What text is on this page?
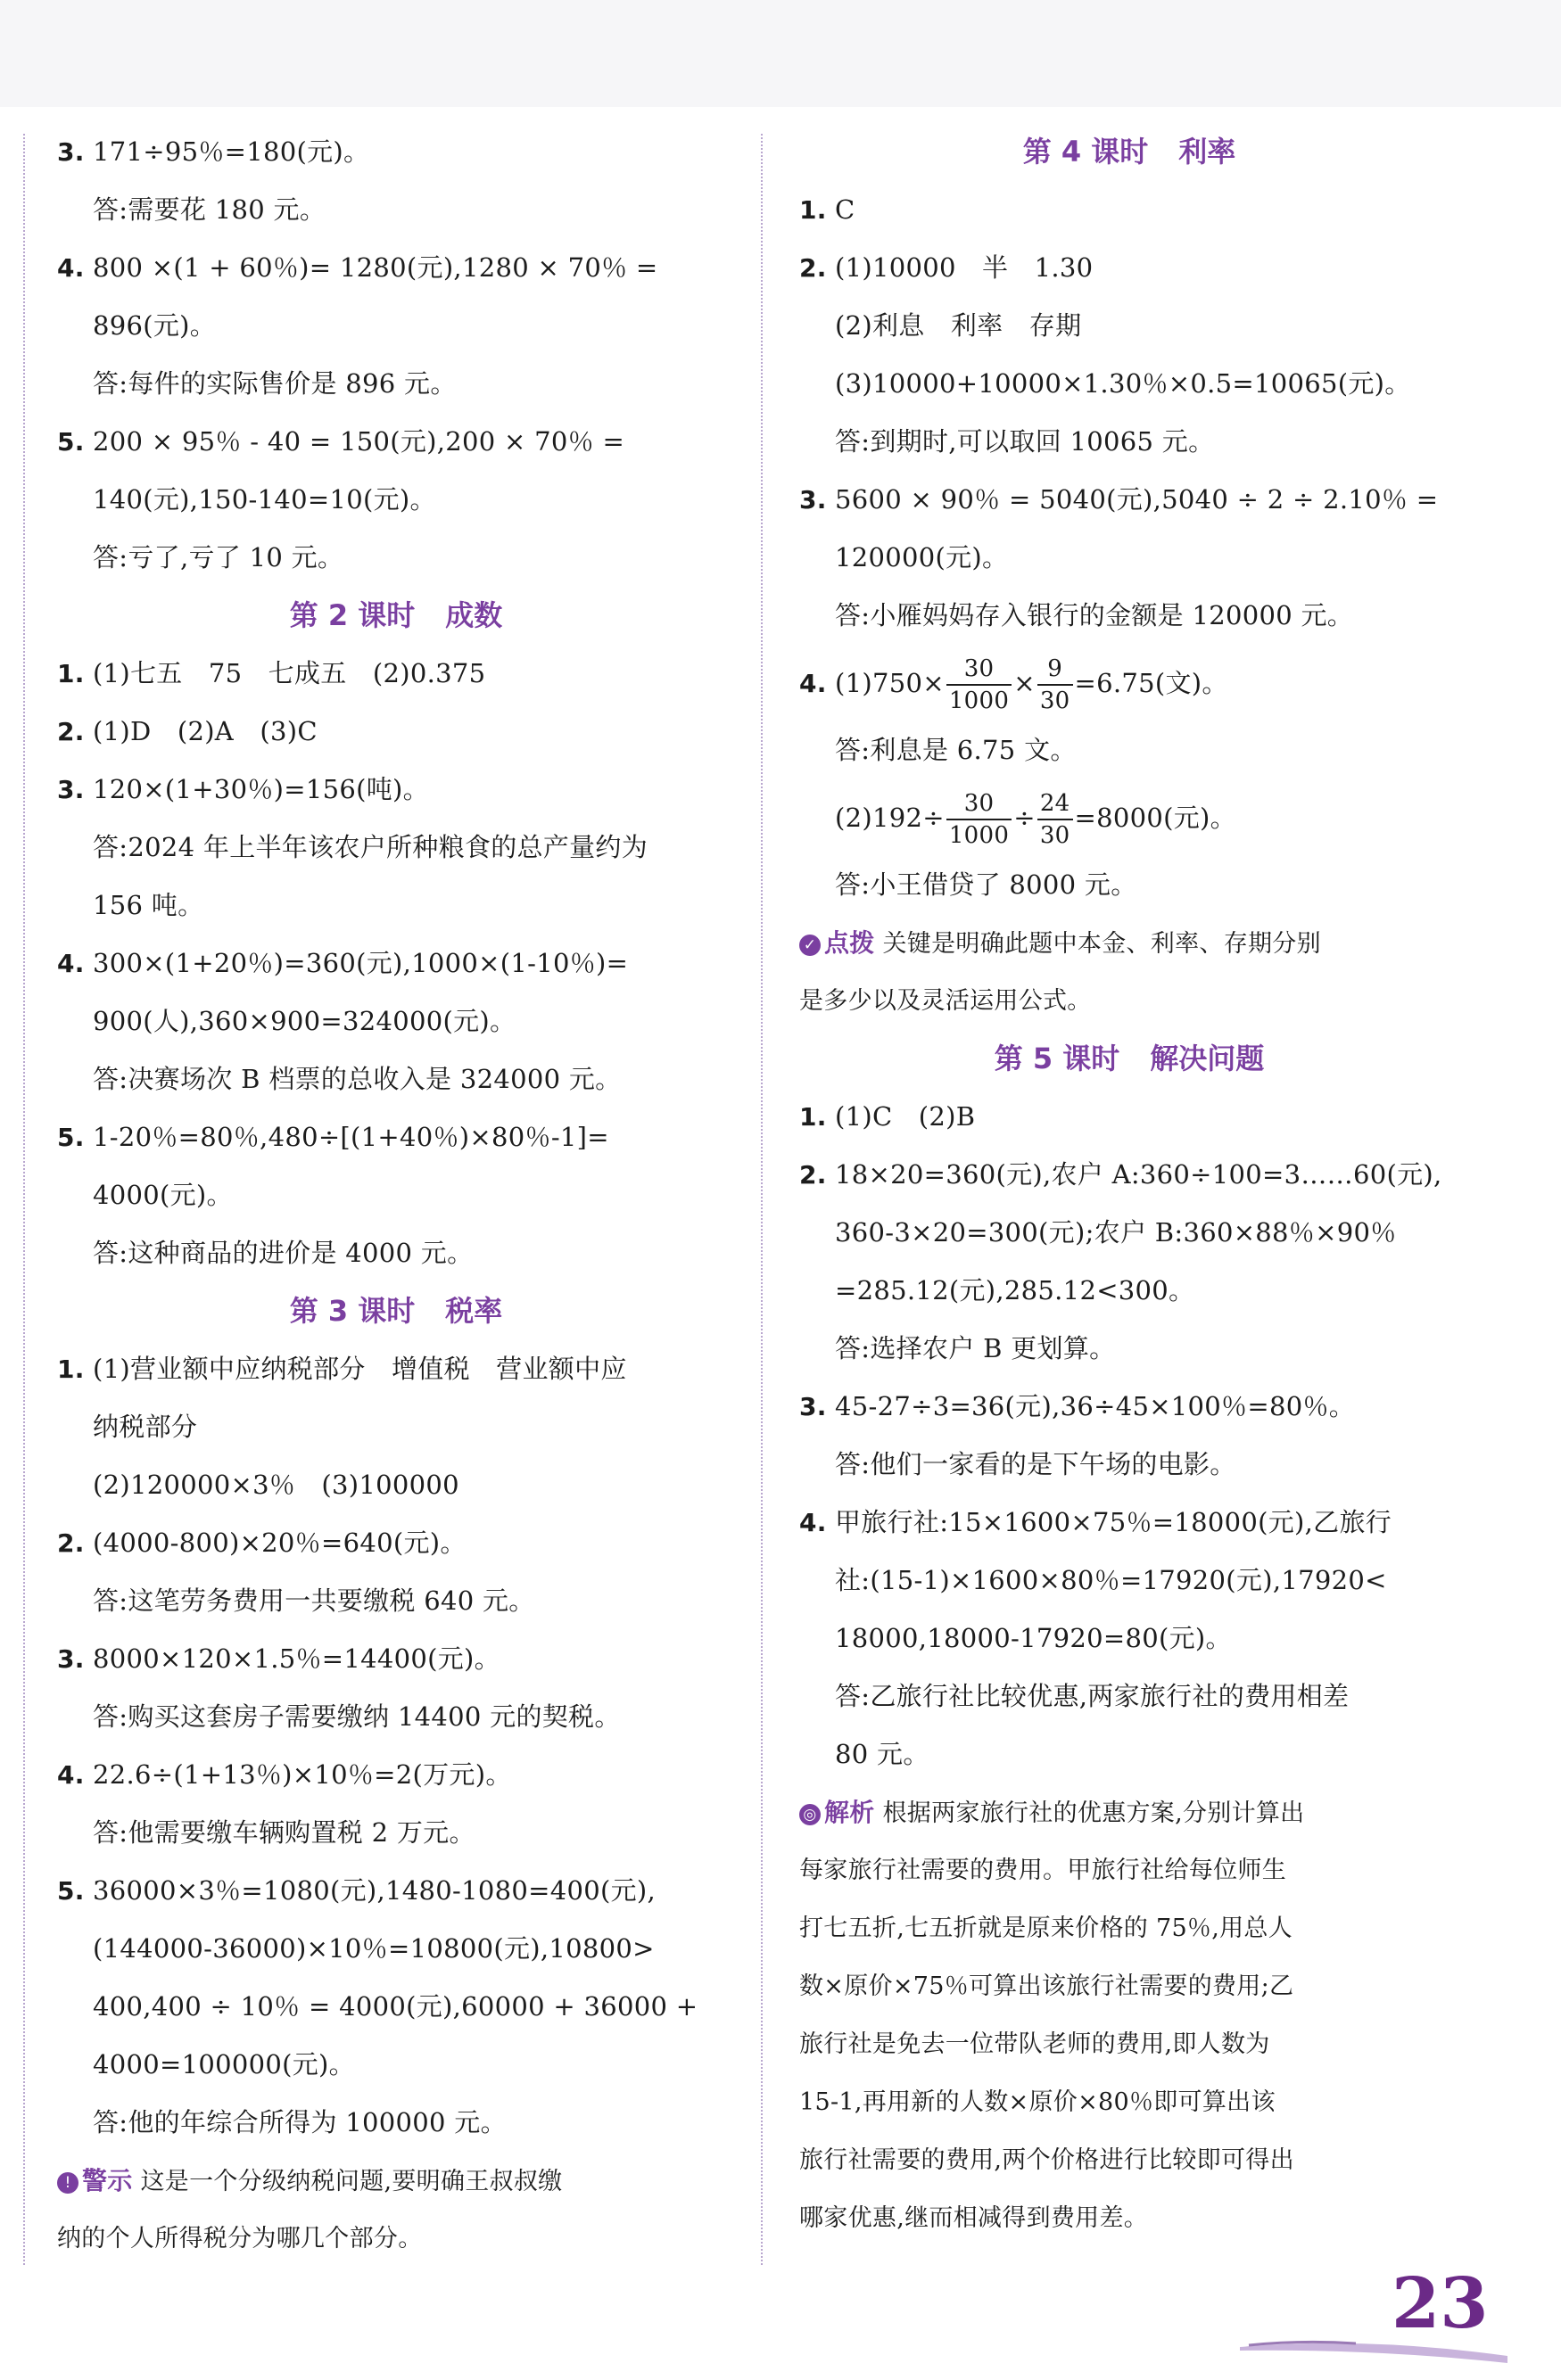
3. 171÷95％=180(元)。
答:需要花 180 元。
4. 800 ×(1 + 60％)= 1280(元),1280 × 70％ =
896(元)。
答:每件的实际售价是 896 元。
5. 200 × 95％ - 40 = 150(元),200 × 70％ =
140(元),150-140=10(元)。
答:亏了,亏了 10 元。
第 2 课时 成数
1. (1)七五　75　七成五　(2)0.375
2. (1)D　(2)A　(3)C
3. 120×(1+30％)=156(吨)。
答:2024 年上半年该农户所种粮食的总产量约为
156 吨。
4. 300×(1+20％)=360(元),1000×(1-10％)=
900(人),360×900=324000(元)。
答:决赛场次 B 档票的总收入是 324000 元。
5. 1-20％=80％,480÷[(1+40％)×80％-1]=
4000(元)。
答:这种商品的进价是 4000 元。
第 3 课时 税率
1. (1)营业额中应纳税部分　增值税　营业额中应
纳税部分
(2)120000×3％　(3)100000
2. (4000-800)×20％=640(元)。
答:这笔劳务费用一共要缴税 640 元。
3. 8000×120×1.5％=14400(元)。
答:购买这套房子需要缴纳 14400 元的契税。
4. 22.6÷(1+13％)×10％=2(万元)。
答:他需要缴车辆购置税 2 万元。
5. 36000×3％=1080(元),1480-1080=400(元),
(144000-36000)×10％=10800(元),10800>
400,400 ÷ 10％ = 4000(元),60000 + 36000 +
4000=100000(元)。
答:他的年综合所得为 100000 元。
! 警示 这是一个分级纳税问题,要明确王叔叔缴
纳的个人所得税分为哪几个部分。
第 4 课时 利率
1. C
2. (1)10000　半　1.30
(2)利息　利率　存期
(3)10000+10000×1.30％×0.5=10065(元)。
答:到期时,可以取回 10065 元。
3. 5600 × 90％ = 5040(元),5040 ÷ 2 ÷ 2.10％ =
120000(元)。
答:小雁妈妈存入银行的金额是 120000 元。
4. $(1)750\times \frac{30}{1000} \times \frac{9}{30} =6.75$(文)。
答:利息是 6.75 文。
$(2)192\div \frac{30}{1000} \div \frac{24}{30} =8000$(元)。
答:小王借贷了 8000 元。
✓ 点拨 关键是明确此题中本金、利率、存期分别
是多少以及灵活运用公式。
第 5 课时 解决问题
1. (1)C　(2)B
2. 18×20=360(元),农户 A:360÷100=3……60(元),
360-3×20=300(元);农户 B:360×88％×90％
=285.12(元),285.12<300。
答:选择农户 B 更划算。
3. 45-27÷3=36(元),36÷45×100％=80％。
答:他们一家看的是下午场的电影。
4. 甲旅行社:15×1600×75％=18000(元),乙旅行
社:(15-1)×1600×80％=17920(元),17920<
18000,18000-17920=80(元)。
答:乙旅行社比较优惠,两家旅行社的费用相差
80 元。
◎ 解析 根据两家旅行社的优惠方案,分别计算出
每家旅行社需要的费用。甲旅行社给每位师生
打七五折,七五折就是原来价格的 75％,用总人
数×原价×75％可算出该旅行社需要的费用;乙
旅行社是免去一位带队老师的费用,即人数为
15-1,再用新的人数×原价×80％即可算出该
旅行社需要的费用,两个价格进行比较即可得出
哪家优惠,继而相减得到费用差。
23
